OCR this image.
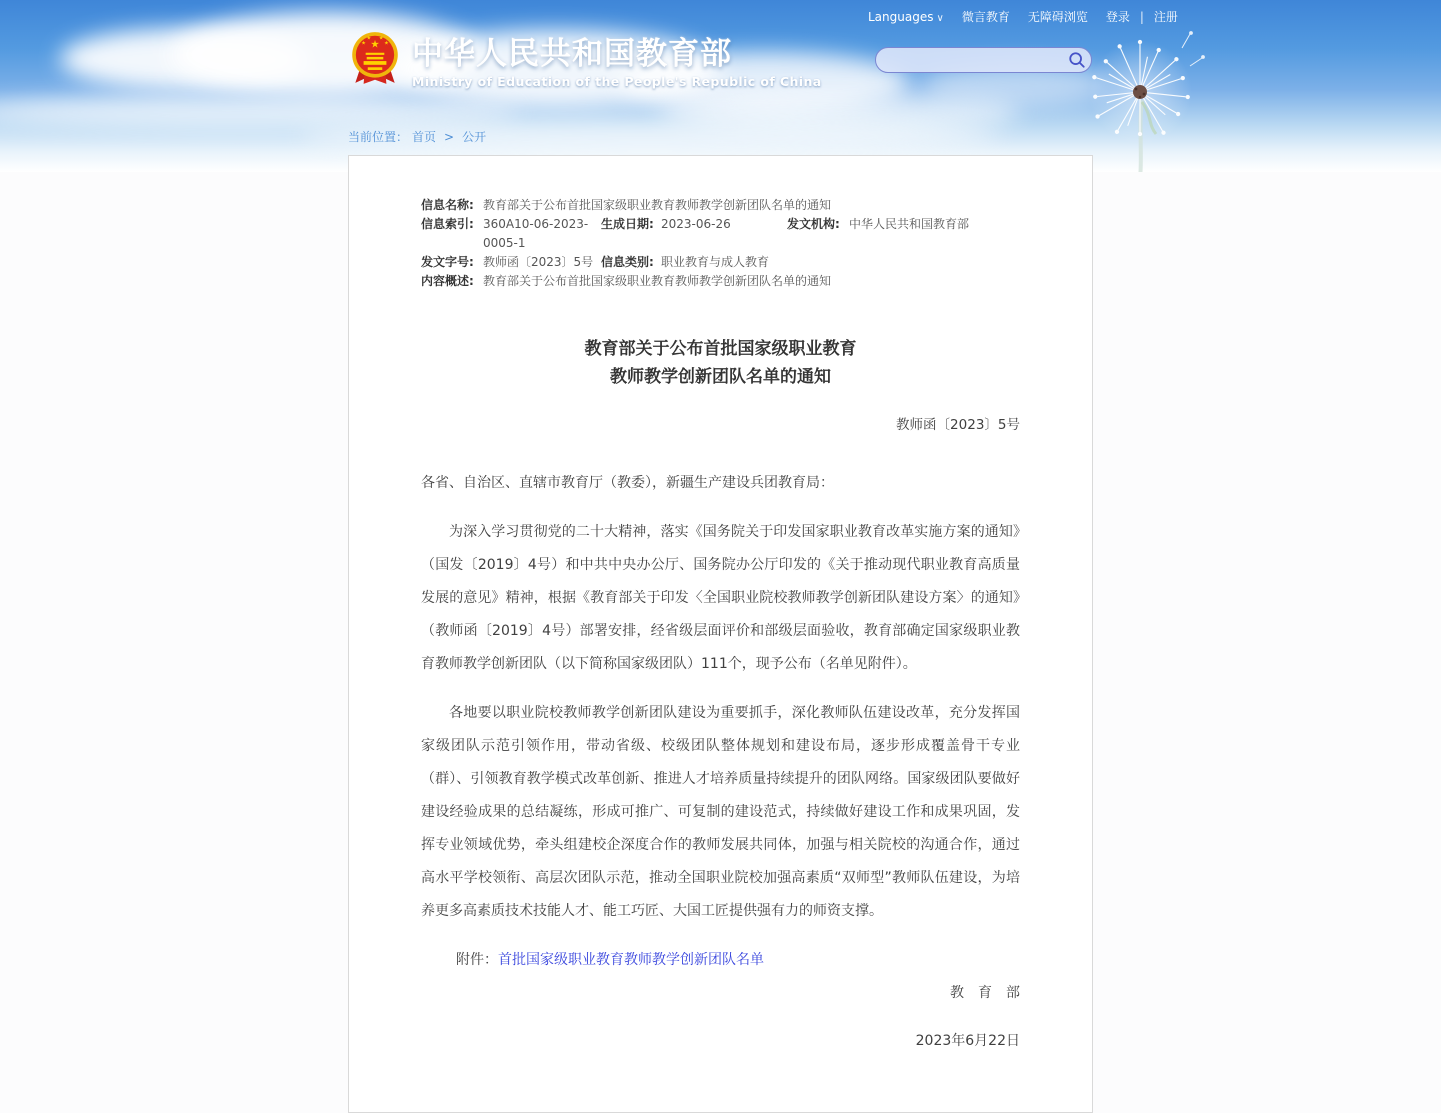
Languages ∨ 微言教育 无障碍浏览 登录 | 注册
★
★
★ ★
★ 中华人民共和国教育部
Ministry of Education of the People's Republic of China
当前位置： 首页 > 公开
信息名称: 教育部关于公布首批国家级职业教育教师教学创新团队名单的通知
信息索引: 360A10-06-2023-0005-1
生成日期: 2023-06-26	发文机构: 中华人民共和国教育部
发文字号: 教师函〔2023〕5号 信息类别: 职业教育与成人教育
内容概述: 教育部关于公布首批国家级职业教育教师教学创新团队名单的通知
教育部关于公布首批国家级职业教育
教师教学创新团队名单的通知
教师函〔2023〕5号

各省、自治区、直辖市教育厅（教委），新疆生产建设兵团教育局：

为深入学习贯彻党的二十大精神，落实《国务院关于印发国家职业教育改革实施方案的通知》（国发〔2019〕4号）和中共中央办公厅、国务院办公厅印发的《关于推动现代职业教育高质量发展的意见》精神，根据《教育部关于印发〈全国职业院校教师教学创新团队建设方案〉的通知》（教师函〔2019〕4号）部署安排，经省级层面评价和部级层面验收，教育部确定国家级职业教育教师教学创新团队（以下简称国家级团队）111个，现予公布（名单见附件）。

各地要以职业院校教师教学创新团队建设为重要抓手，深化教师队伍建设改革，充分发挥国家级团队示范引领作用，带动省级、校级团队整体规划和建设布局，逐步形成覆盖骨干专业（群）、引领教育教学模式改革创新、推进人才培养质量持续提升的团队网络。国家级团队要做好建设经验成果的总结凝练，形成可推广、可复制的建设范式，持续做好建设工作和成果巩固，发挥专业领域优势，牵头组建校企深度合作的教师发展共同体，加强与相关院校的沟通合作，通过高水平学校领衔、高层次团队示范，推动全国职业院校加强高素质“双师型”教师队伍建设，为培养更多高素质技术技能人才、能工巧匠、大国工匠提供强有力的师资支撑。

附件：首批国家级职业教育教师教学创新团队名单

教　育　部

2023年6月22日
